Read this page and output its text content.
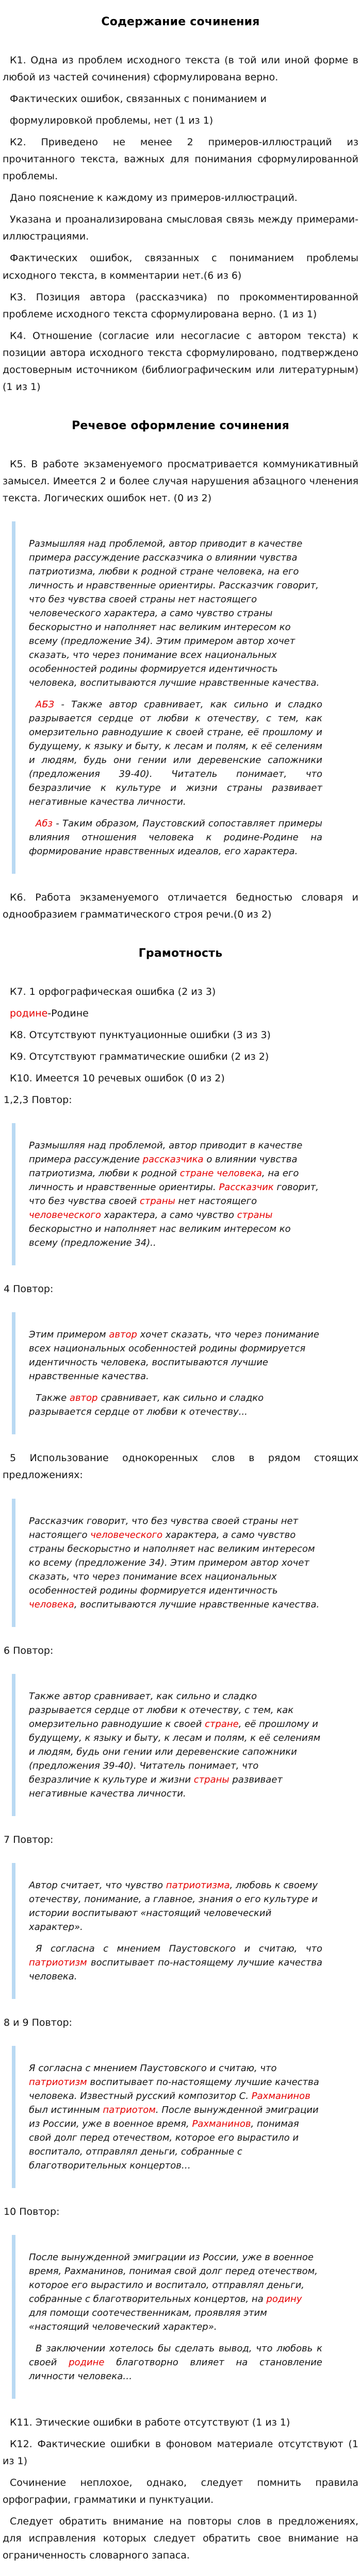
Содержание сочинения

К1. Одна из проблем исходного текста (в той или иной форме в любой из частей сочинения) сформулирована верно.

Фактических ошибок, связанных с пониманием и

формулировкой проблемы, нет (1 из 1)

К2. Приведено не менее 2 примеров-иллюстраций из прочитанного текста, важных для понимания сформулированной проблемы.

Дано пояснение к каждому из примеров-иллюстраций.

Указана и проанализирована смысловая связь между примерами-иллюстрациями.

Фактических ошибок, связанных с пониманием проблемы исходного текста, в комментарии нет.(6 из 6)

К3. Позиция автора (рассказчика) по прокомментированной проблеме исходного текста сформулирована верно. (1 из 1)

К4. Отношение (согласие или несогласие с автором текста) к позиции автора исходного текста сформулировано, подтверждено достоверным источником (библиографическим или литературным) (1 из 1)

Речевое оформление сочинения

К5. В работе экзаменуемого просматривается коммуникативный замысел. Имеется 2 и более случая нарушения абзацного членения текста. Логических ошибок нет. (0 из 2)

Размышляя над проблемой, автор приводит в качестве примера рассуждение рассказчика о влиянии чувства патриотизма, любви к родной стране человека, на его личность и нравственные ориентиры. Рассказчик говорит, что без чувства своей страны нет настоящего человеческого характера, а само чувство страны бескорыстно и наполняет нас великим интересом ко всему (предложение 34). Этим примером автор хочет сказать, что через понимание всех национальных особенностей родины формируется идентичность человека, воспитываются лучшие нравственные качества.

АБЗ - Также автор сравнивает, как сильно и сладко разрывается сердце от любви к отечеству, с тем, как омерзительно равнодушие к своей стране, её прошлому и будущему, к языку и быту, к лесам и полям, к её селениям и людям, будь они гении или деревенские сапожники (предложения 39-40). Читатель понимает, что безразличие к культуре и жизни страны развивает негативные качества личности.

Абз - Таким образом, Паустовский сопоставляет примеры влияния отношения человека к родине-Родине на формирование нравственных идеалов, его характера.

К6. Работа экзаменуемого отличается бедностью словаря и однообразием грамматического строя речи.(0 из 2)

Грамотность

К7. 1 орфографическая ошибка (2 из 3)

родине-Родине

К8. Отсутствуют пунктуационные ошибки (3 из 3)

К9. Отсутствуют грамматические ошибки (2 из 2)

К10. Имеется 10 речевых ошибок (0 из 2)

1,2,3 Повтор:

Размышляя над проблемой, автор приводит в качестве примера рассуждение рассказчика о влиянии чувства патриотизма, любви к родной стране человека, на его личность и нравственные ориентиры. Рассказчик говорит, что без чувства своей страны нет настоящего человеческого характера, а само чувство страны бескорыстно и наполняет нас великим интересом ко всему (предложение 34)..

4 Повтор:

Этим примером автор хочет сказать, что через понимание всех национальных особенностей родины формируется идентичность человека, воспитываются лучшие нравственные качества.

Также автор сравнивает, как сильно и сладко разрывается сердце от любви к отечеству...

5 Использование однокоренных слов в рядом стоящих предложениях:

Рассказчик говорит, что без чувства своей страны нет настоящего человеческого характера, а само чувство страны бескорыстно и наполняет нас великим интересом ко всему (предложение 34). Этим примером автор хочет сказать, что через понимание всех национальных особенностей родины формируется идентичность человека, воспитываются лучшие нравственные качества.

6 Повтор:

Также автор сравнивает, как сильно и сладко разрывается сердце от любви к отечеству, с тем, как омерзительно равнодушие к своей стране, её прошлому и будущему, к языку и быту, к лесам и полям, к её селениям и людям, будь они гении или деревенские сапожники (предложения 39-40). Читатель понимает, что безразличие к культуре и жизни страны развивает негативные качества личности.

7 Повтор:

Автор считает, что чувство патриотизма, любовь к своему отечеству, понимание, а главное, знания о его культуре и истории воспитывают «настоящий человеческий характер».

Я согласна с мнением Паустовского и считаю, что патриотизм воспитывает по-настоящему лучшие качества человека.

8 и 9 Повтор:

Я согласна с мнением Паустовского и считаю, что патриотизм воспитывает по-настоящему лучшие качества человека. Известный русский композитор С. Рахманинов был истинным патриотом. После вынужденной эмиграции из России, уже в военное время, Рахманинов, понимая свой долг перед отечеством, которое его вырастило и воспитало, отправлял деньги, собранные с благотворительных концертов…

10 Повтор:

После вынужденной эмиграции из России, уже в военное время, Рахманинов, понимая свой долг перед отечеством, которое его вырастило и воспитало, отправлял деньги, собранные с благотворительных концертов, на родину для помощи соотечественникам, проявляя этим «настоящий человеческий характер».

В заключении хотелось бы сделать вывод, что любовь к своей родине благотворно влияет на становление личности человека…

К11. Этические ошибки в работе отсутствуют (1 из 1)

К12. Фактические ошибки в фоновом материале отсутствуют (1 из 1)

Сочинение неплохое, однако, следует помнить правила орфографии, грамматики и пунктуации.

Следует обратить внимание на повторы слов в предложениях, для исправления которых следует обратить свое внимание на ограниченность словарного запаса.
